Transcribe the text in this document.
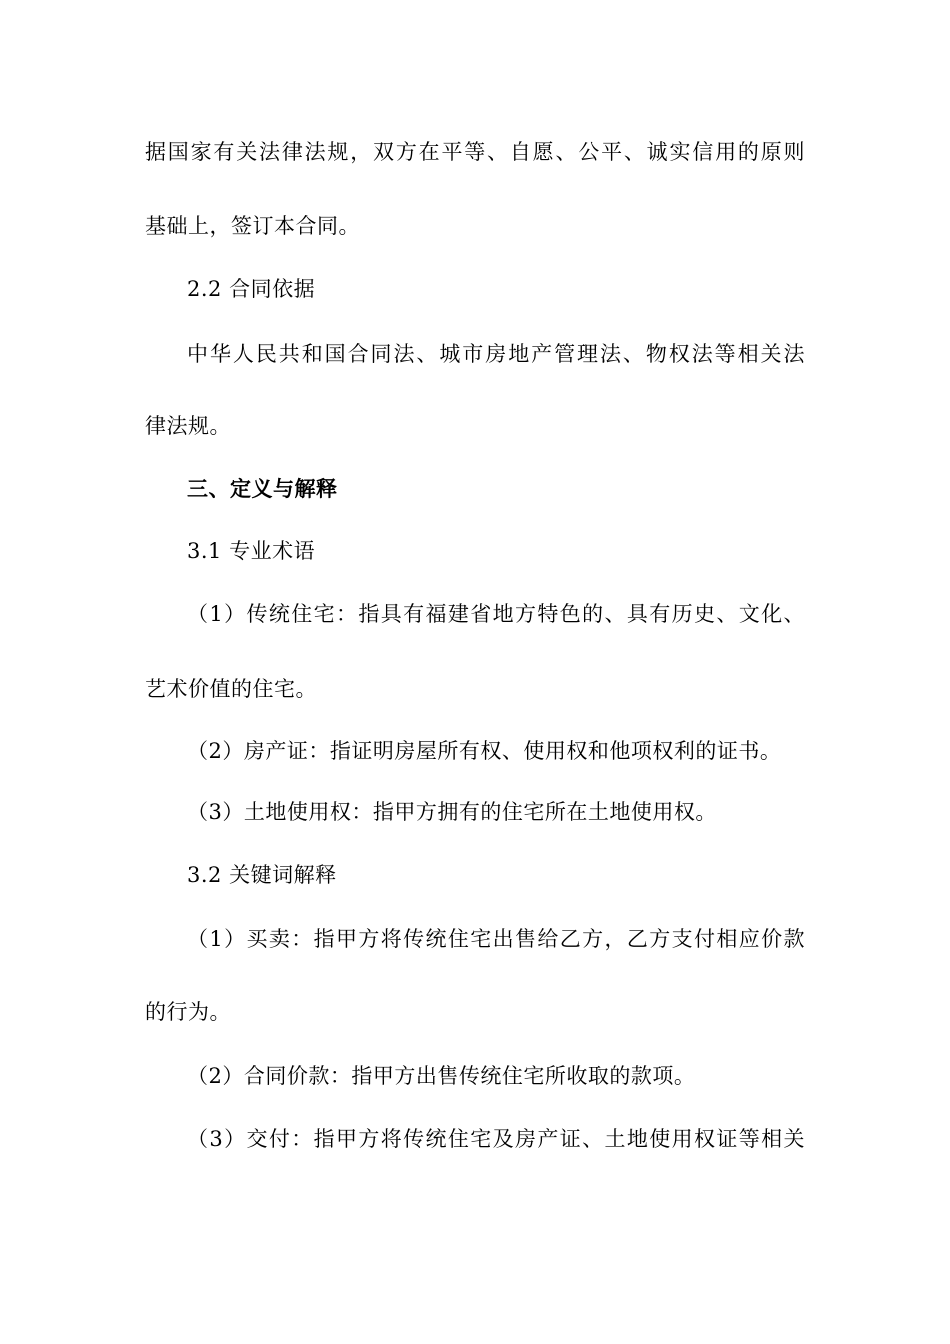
据国家有关法律法规，双方在平等、自愿、公平、诚实信用的原则
基础上，签订本合同。
2.2 合同依据
中华人民共和国合同法、城市房地产管理法、物权法等相关法
律法规。
三、定义与解释
3.1 专业术语
（1）传统住宅：指具有福建省地方特色的、具有历史、文化、
艺术价值的住宅。
（2）房产证：指证明房屋所有权、使用权和他项权利的证书。
（3）土地使用权：指甲方拥有的住宅所在土地使用权。
3.2 关键词解释
（1）买卖：指甲方将传统住宅出售给乙方，乙方支付相应价款
的行为。
（2）合同价款：指甲方出售传统住宅所收取的款项。
（3）交付：指甲方将传统住宅及房产证、土地使用权证等相关
